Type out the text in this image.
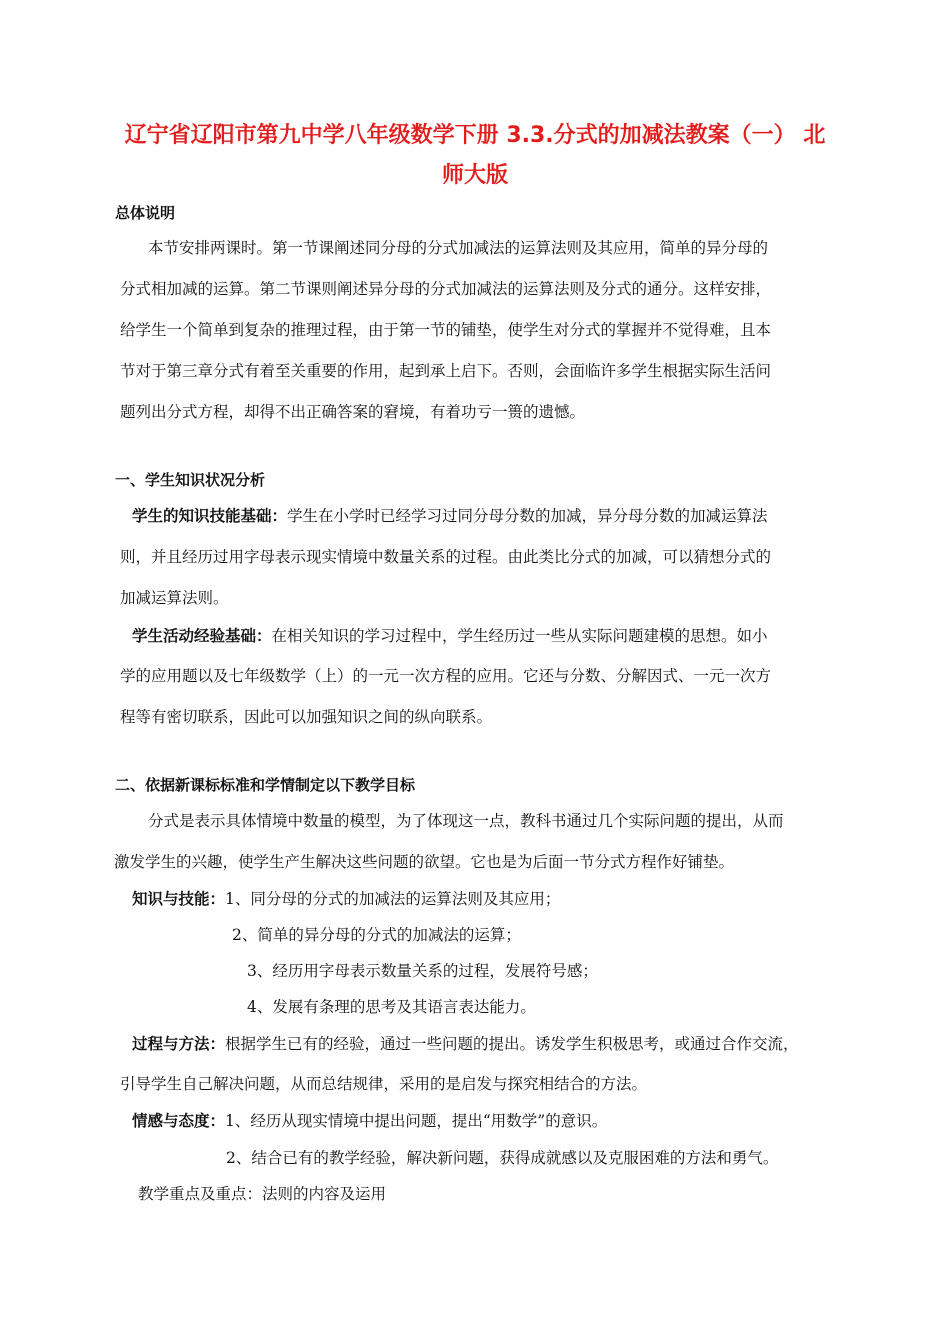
辽宁省辽阳市第九中学八年级数学下册 3.3.分式的加减法教案（一） 北
师大版
总体说明
本节安排两课时。第一节课阐述同分母的分式加减法的运算法则及其应用，简单的异分母的
分式相加减的运算。第二节课则阐述异分母的分式加减法的运算法则及分式的通分。这样安排，
给学生一个简单到复杂的推理过程，由于第一节的铺垫，使学生对分式的掌握并不觉得难，且本
节对于第三章分式有着至关重要的作用，起到承上启下。否则，会面临许多学生根据实际生活问
题列出分式方程，却得不出正确答案的窘境，有着功亏一篑的遗憾。
一、学生知识状况分析
学生的知识技能基础：学生在小学时已经学习过同分母分数的加减，异分母分数的加减运算法
则，并且经历过用字母表示现实情境中数量关系的过程。由此类比分式的加减，可以猜想分式的
加减运算法则。
学生活动经验基础：在相关知识的学习过程中，学生经历过一些从实际问题建模的思想。如小
学的应用题以及七年级数学（上）的一元一次方程的应用。它还与分数、分解因式、一元一次方
程等有密切联系，因此可以加强知识之间的纵向联系。
二、依据新课标标准和学情制定以下教学目标
分式是表示具体情境中数量的模型，为了体现这一点，教科书通过几个实际问题的提出，从而
激发学生的兴趣，使学生产生解决这些问题的欲望。它也是为后面一节分式方程作好铺垫。
知识与技能：1、同分母的分式的加减法的运算法则及其应用；
2、简单的异分母的分式的加减法的运算；
3、经历用字母表示数量关系的过程，发展符号感；
4、发展有条理的思考及其语言表达能力。
过程与方法：根据学生已有的经验，通过一些问题的提出。诱发学生积极思考，或通过合作交流，
引导学生自己解决问题，从而总结规律，采用的是启发与探究相结合的方法。
情感与态度：1、经历从现实情境中提出问题，提出“用数学”的意识。
2、结合已有的教学经验，解决新问题，获得成就感以及克服困难的方法和勇气。
教学重点及重点：法则的内容及运用
